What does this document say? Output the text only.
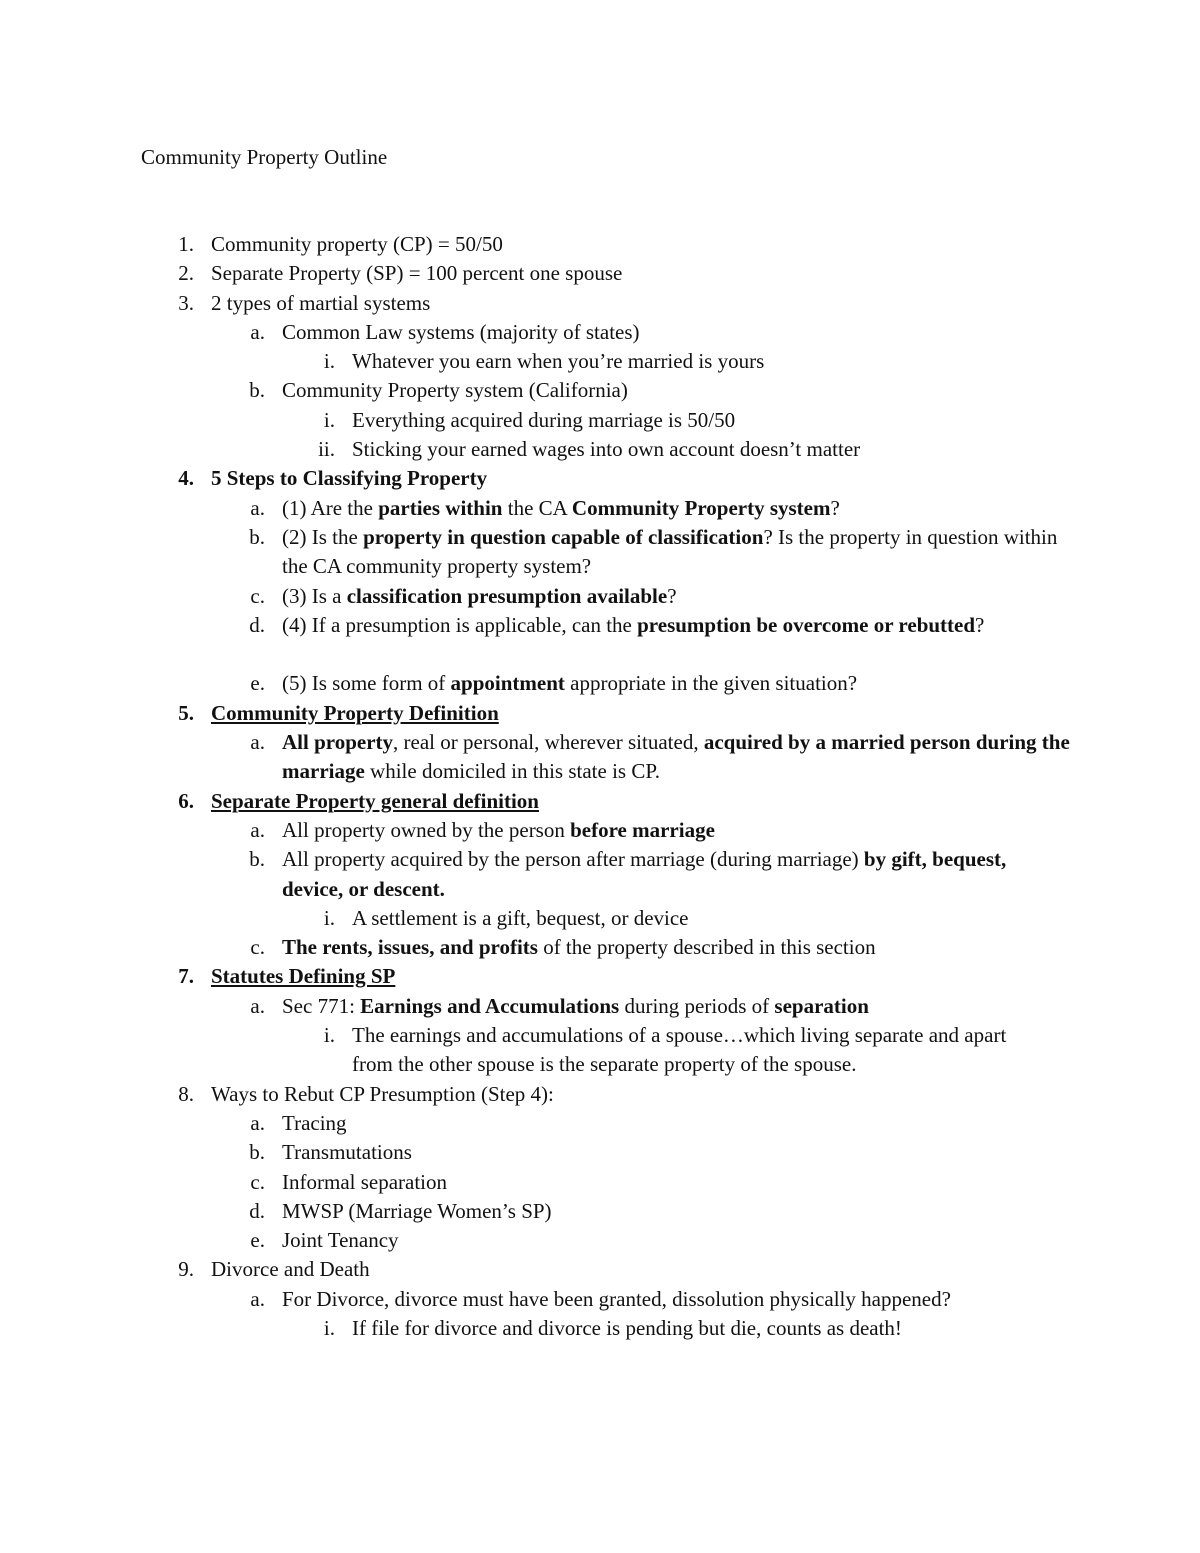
Community Property Outline
1. Community property (CP) = 50/50
2. Separate Property (SP) = 100 percent one spouse
3. 2 types of martial systems
a. Common Law systems (majority of states)
i. Whatever you earn when you’re married is yours
b. Community Property system (California)
i. Everything acquired during marriage is 50/50
ii. Sticking your earned wages into own account doesn’t matter
4. 5 Steps to Classifying Property
a. (1) Are the parties within the CA Community Property system?
b. (2) Is the property in question capable of classification? Is the property in question within the CA community property system?
c. (3) Is a classification presumption available?
d. (4) If a presumption is applicable, can the presumption be overcome or rebutted?
e. (5) Is some form of appointment appropriate in the given situation?
5. Community Property Definition
a. All property, real or personal, wherever situated, acquired by a married person during the marriage while domiciled in this state is CP.
6. Separate Property general definition
a. All property owned by the person before marriage
b. All property acquired by the person after marriage (during marriage) by gift, bequest, device, or descent.
i. A settlement is a gift, bequest, or device
c. The rents, issues, and profits of the property described in this section
7. Statutes Defining SP
a. Sec 771: Earnings and Accumulations during periods of separation
i. The earnings and accumulations of a spouse…which living separate and apart from the other spouse is the separate property of the spouse.
8. Ways to Rebut CP Presumption (Step 4):
a. Tracing
b. Transmutations
c. Informal separation
d. MWSP (Marriage Women’s SP)
e. Joint Tenancy
9. Divorce and Death
a. For Divorce, divorce must have been granted, dissolution physically happened?
i. If file for divorce and divorce is pending but die, counts as death!
